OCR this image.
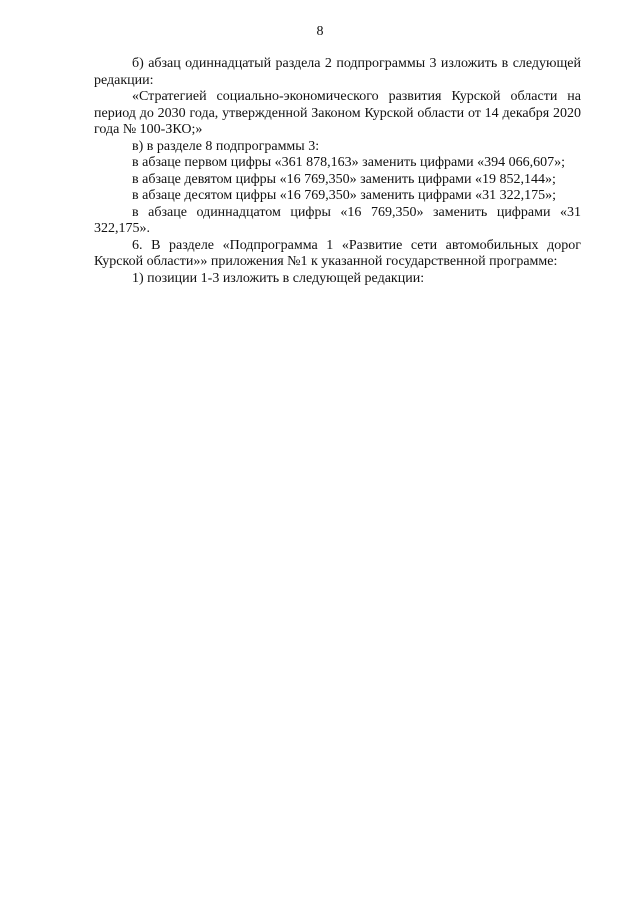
8

б) абзац одиннадцатый раздела 2 подпрограммы 3 изложить в следующей редакции:

«Стратегией социально-экономического развития Курской области на период до 2030 года, утвержденной Законом Курской области от 14 декабря 2020 года № 100-ЗКО;»

в) в разделе 8 подпрограммы 3:

в абзаце первом цифры «361 878,163» заменить цифрами «394 066,607»;

в абзаце девятом цифры «16 769,350» заменить цифрами «19 852,144»;

в абзаце десятом цифры «16 769,350» заменить цифрами «31 322,175»;

в абзаце одиннадцатом цифры «16 769,350» заменить цифрами «31 322,175».

6. В разделе «Подпрограмма 1 «Развитие сети автомобильных дорог Курской области»» приложения №1 к указанной государственной программе:

1) позиции 1-3 изложить в следующей редакции:
